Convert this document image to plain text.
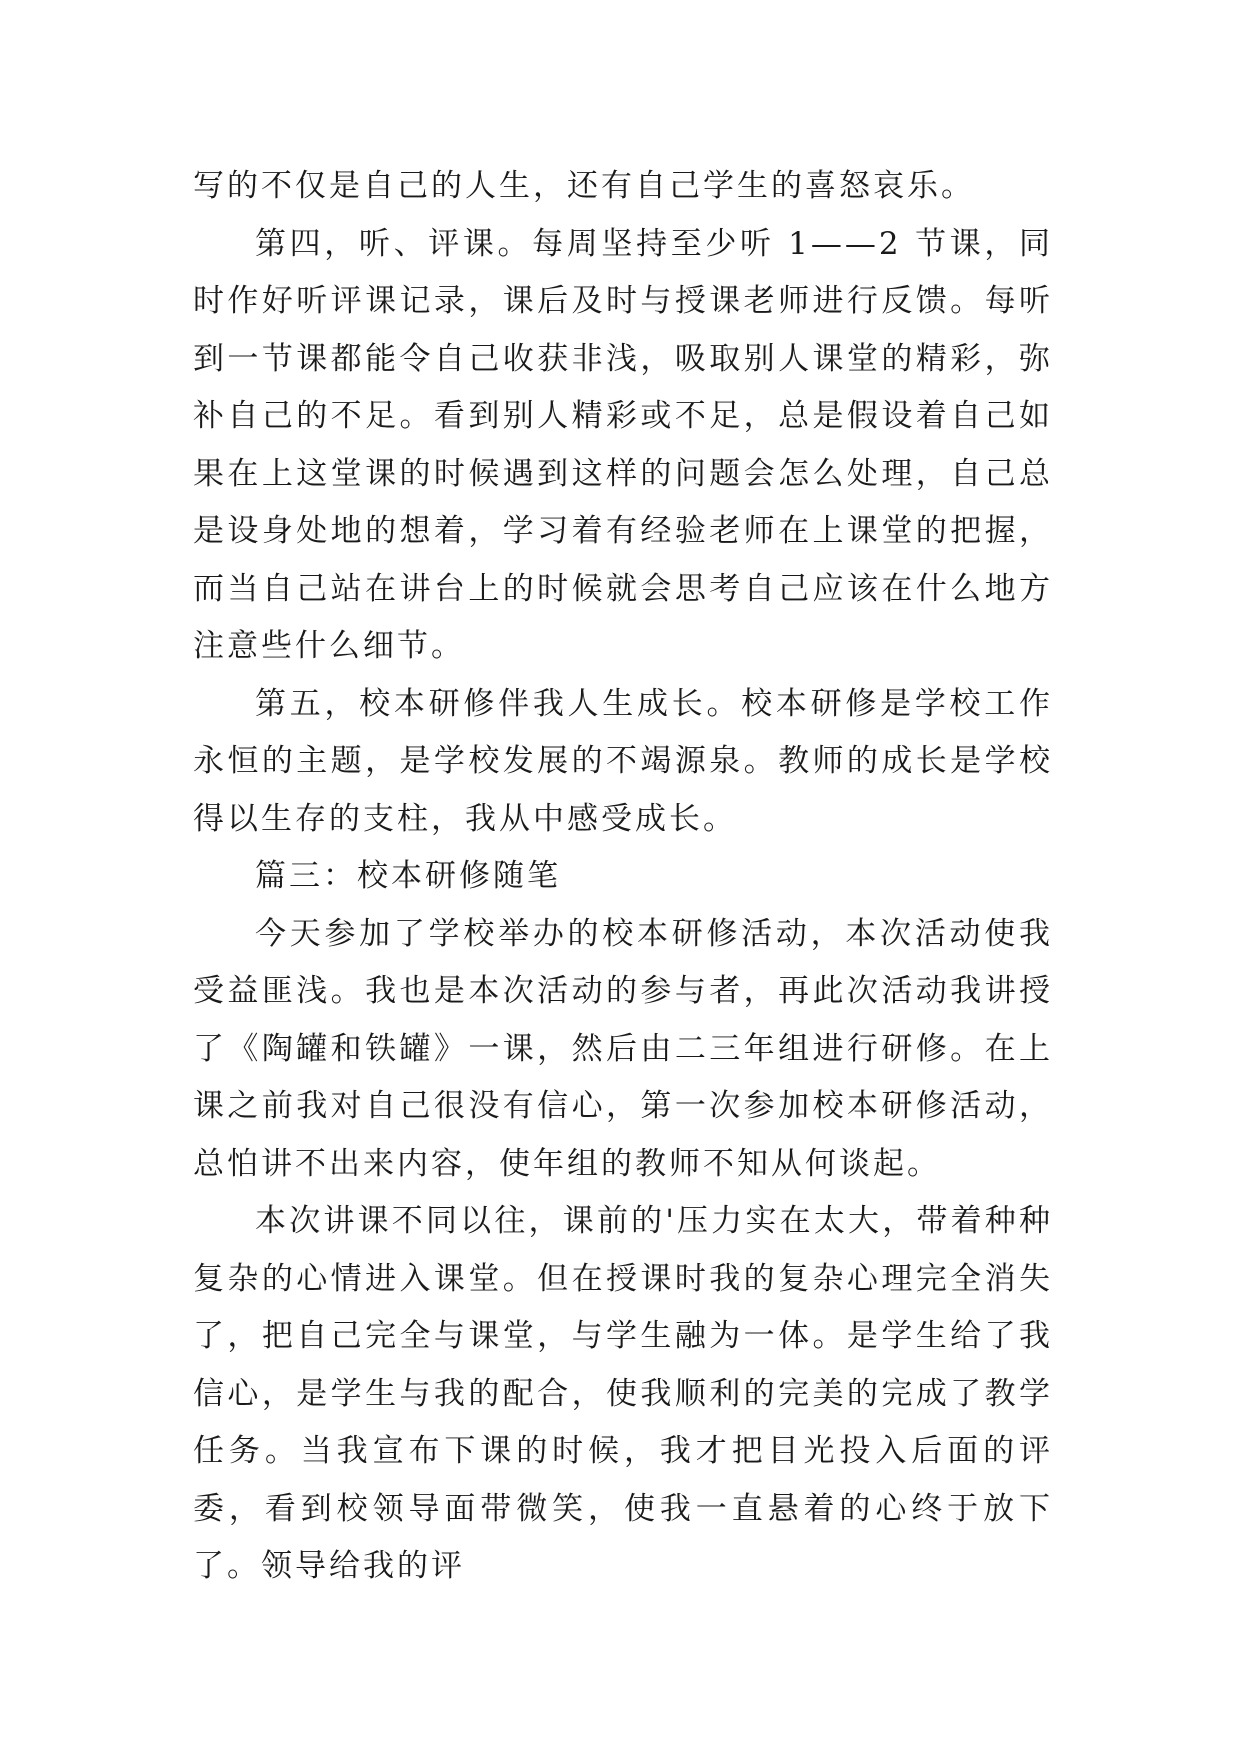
写的不仅是自己的人生，还有自己学生的喜怒哀乐。

第四，听、评课。每周坚持至少听 1——2 节课，同时作好听评课记录，课后及时与授课老师进行反馈。每听到一节课都能令自己收获非浅，吸取别人课堂的精彩，弥补自己的不足。看到别人精彩或不足，总是假设着自己如果在上这堂课的时候遇到这样的问题会怎么处理，自己总是设身处地的想着，学习着有经验老师在上课堂的把握，而当自己站在讲台上的时候就会思考自己应该在什么地方注意些什么细节。

第五，校本研修伴我人生成长。校本研修是学校工作永恒的主题，是学校发展的不竭源泉。教师的成长是学校得以生存的支柱，我从中感受成长。

篇三：校本研修随笔

今天参加了学校举办的校本研修活动，本次活动使我受益匪浅。我也是本次活动的参与者，再此次活动我讲授了《陶罐和铁罐》一课，然后由二三年组进行研修。在上课之前我对自己很没有信心，第一次参加校本研修活动，总怕讲不出来内容，使年组的教师不知从何谈起。

本次讲课不同以往，课前的'压力实在太大，带着种种复杂的心情进入课堂。但在授课时我的复杂心理完全消失了，把自己完全与课堂，与学生融为一体。是学生给了我信心，是学生与我的配合，使我顺利的完美的完成了教学任务。当我宣布下课的时候，我才把目光投入后面的评委，看到校领导面带微笑，使我一直悬着的心终于放下了。领导给我的评
